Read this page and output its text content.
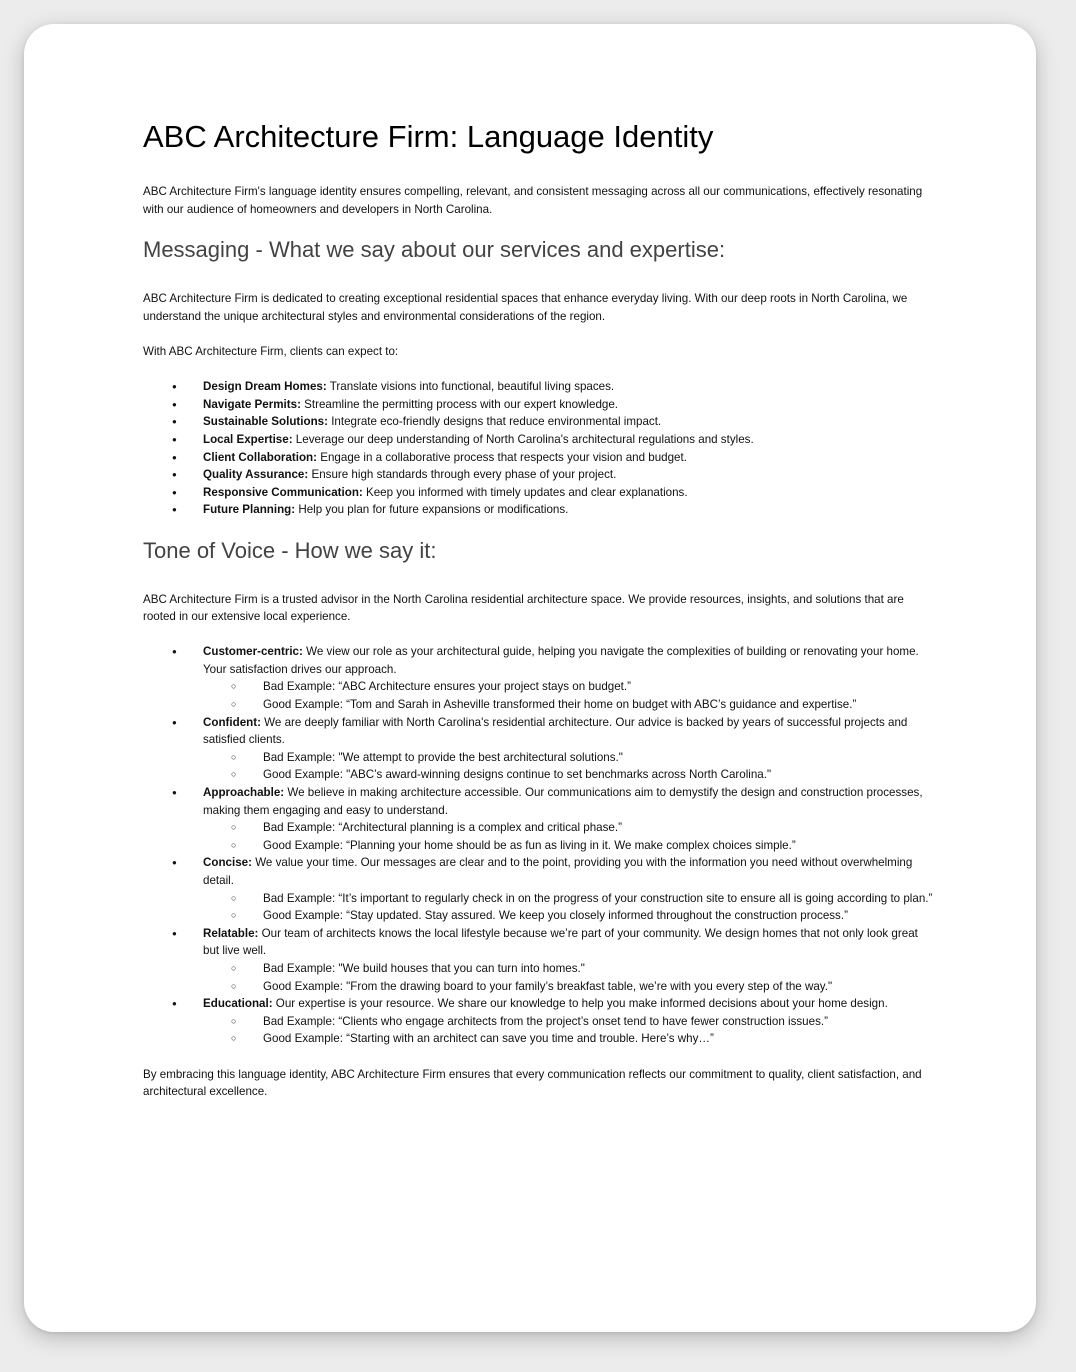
ABC Architecture Firm: Language Identity

ABC Architecture Firm's language identity ensures compelling, relevant, and consistent messaging across all our communications, effectively resonating with our audience of homeowners and developers in North Carolina.

Messaging - What we say about our services and expertise:

ABC Architecture Firm is dedicated to creating exceptional residential spaces that enhance everyday living. With our deep roots in North Carolina, we understand the unique architectural styles and environmental considerations of the region.

With ABC Architecture Firm, clients can expect to:

● Design Dream Homes: Translate visions into functional, beautiful living spaces.
● Navigate Permits: Streamline the permitting process with our expert knowledge.
● Sustainable Solutions: Integrate eco-friendly designs that reduce environmental impact.
● Local Expertise: Leverage our deep understanding of North Carolina's architectural regulations and styles.
● Client Collaboration: Engage in a collaborative process that respects your vision and budget.
● Quality Assurance: Ensure high standards through every phase of your project.
● Responsive Communication: Keep you informed with timely updates and clear explanations.
● Future Planning: Help you plan for future expansions or modifications.
Tone of Voice - How we say it:

ABC Architecture Firm is a trusted advisor in the North Carolina residential architecture space. We provide resources, insights, and solutions that are rooted in our extensive local experience.

● Customer-centric: We view our role as your architectural guide, helping you navigate the complexities of building or renovating your home. Your satisfaction drives our approach.
○ Bad Example: “ABC Architecture ensures your project stays on budget.”
○ Good Example: “Tom and Sarah in Asheville transformed their home on budget with ABC’s guidance and expertise.”
● Confident: We are deeply familiar with North Carolina's residential architecture. Our advice is backed by years of successful projects and satisfied clients.
○ Bad Example: "We attempt to provide the best architectural solutions."
○ Good Example: "ABC’s award-winning designs continue to set benchmarks across North Carolina."
● Approachable: We believe in making architecture accessible. Our communications aim to demystify the design and construction processes, making them engaging and easy to understand.
○ Bad Example: “Architectural planning is a complex and critical phase.”
○ Good Example: “Planning your home should be as fun as living in it. We make complex choices simple.”
● Concise: We value your time. Our messages are clear and to the point, providing you with the information you need without overwhelming detail.
○ Bad Example: “It’s important to regularly check in on the progress of your construction site to ensure all is going according to plan.”
○ Good Example: “Stay updated. Stay assured. We keep you closely informed throughout the construction process.”
● Relatable: Our team of architects knows the local lifestyle because we’re part of your community. We design homes that not only look great but live well.
○ Bad Example: "We build houses that you can turn into homes."
○ Good Example: "From the drawing board to your family’s breakfast table, we’re with you every step of the way."
● Educational: Our expertise is your resource. We share our knowledge to help you make informed decisions about your home design.
○ Bad Example: “Clients who engage architects from the project’s onset tend to have fewer construction issues.”
○ Good Example: “Starting with an architect can save you time and trouble. Here’s why…”

By embracing this language identity, ABC Architecture Firm ensures that every communication reflects our commitment to quality, client satisfaction, and architectural excellence.
